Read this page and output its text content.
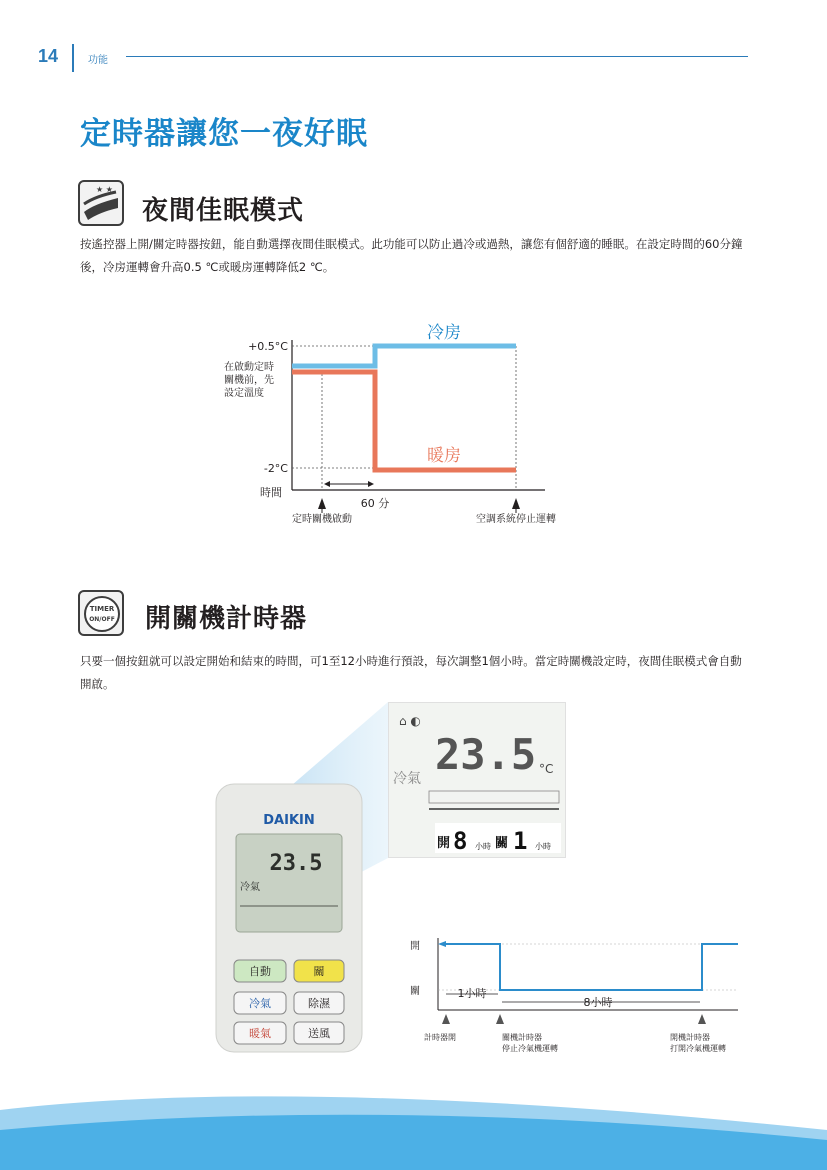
14	功能
定時器讓您一夜好眠
★ ★
夜間佳眠模式

按遙控器上開/關定時器按鈕，能自動選擇夜間佳眠模式。此功能可以防止過冷或過熱，讓您有個舒適的睡眠。在設定時間的60分鐘後，冷房運轉會升高0.5 ℃或暖房運轉降低2 ℃。

冷房
暖房
+0.5°C
在啟動定時
關機前，先
設定溫度
-2°C
時間
60 分
定時關機啟動	空調系統停止運轉
TIMER
ON/OFF 開關機計時器

只要一個按鈕就可以設定開始和結束的時間，可1至12小時進行預設，每次調整1個小時。當定時關機設定時，夜間佳眠模式會自動開啟。

DAIKIN
23.5
冷氣
自動	關
冷氣	除濕
暖氣	送風
⌂ ◐
23.5 °C
冷氣
開 8 小時 關 1 小時
開
關	1小時
8小時
計時器開	關機計時器
停止冷氣機運轉
開機計時器
打開冷氣機運轉
